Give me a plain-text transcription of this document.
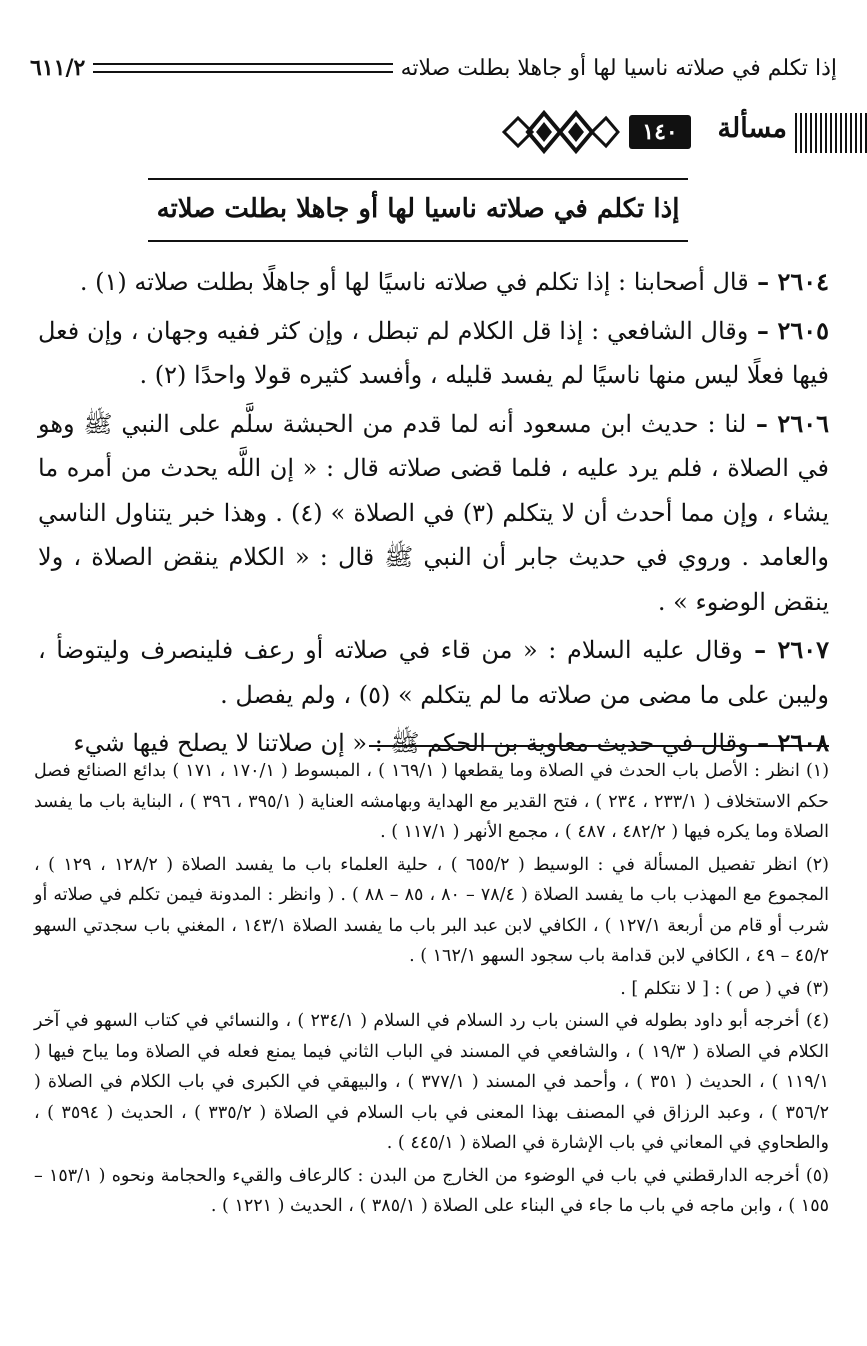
إذا تكلم في صلاته ناسيا لها أو جاهلا بطلت صلاته
٦١١/٢
مسألة
١٤٠
إذا تكلم في صلاته ناسيا لها أو جاهلا بطلت صلاته

٢٦٠٤ – قال أصحابنا : إذا تكلم في صلاته ناسيًا لها أو جاهلًا بطلت صلاته (١) .

٢٦٠٥ – وقال الشافعي : إذا قل الكلام لم تبطل ، وإن كثر ففيه وجهان ، وإن فعل فيها فعلًا ليس منها ناسيًا لم يفسد قليله ، وأفسد كثيره قولا واحدًا (٢) .

٢٦٠٦ – لنا : حديث ابن مسعود أنه لما قدم من الحبشة سلَّم على النبي ﷺ وهو في الصلاة ، فلم يرد عليه ، فلما قضى صلاته قال : « إن اللَّه يحدث من أمره ما يشاء ، وإن مما أحدث أن لا يتكلم (٣) في الصلاة » (٤) . وهذا خبر يتناول الناسي والعامد . وروي في حديث جابر أن النبي ﷺ قال : « الكلام ينقض الصلاة ، ولا ينقض الوضوء » .

٢٦٠٧ – وقال عليه السلام : « من قاء في صلاته أو رعف فلينصرف وليتوضأ ، وليبن على ما مضى من صلاته ما لم يتكلم » (٥) ، ولم يفصل .

٢٦٠٨ – وقال في حديث معاوية بن الحكم ﷺ : « إن صلاتنا لا يصلح فيها شيء

(١) انظر : الأصل باب الحدث في الصلاة وما يقطعها ( ١٦٩/١ ) ، المبسوط ( ١٧٠/١ ، ١٧١ ) بدائع الصنائع فصل حكم الاستخلاف ( ٢٣٣/١ ، ٢٣٤ ) ، فتح القدير مع الهداية وبهامشه العناية ( ٣٩٥/١ ، ٣٩٦ ) ، البناية باب ما يفسد الصلاة وما يكره فيها ( ٤٨٢/٢ ، ٤٨٧ ) ، مجمع الأنهر ( ١١٧/١ ) .

(٢) انظر تفصيل المسألة في : الوسيط ( ٦٥٥/٢ ) ، حلية العلماء باب ما يفسد الصلاة ( ١٢٨/٢ ، ١٢٩ ) ، المجموع مع المهذب باب ما يفسد الصلاة ( ٧٨/٤ – ٨٠ ، ٨٥ – ٨٨ ) . ( وانظر : المدونة فيمن تكلم في صلاته أو شرب أو قام من أربعة ١٢٧/١ ) ، الكافي لابن عبد البر باب ما يفسد الصلاة ١٤٣/١ ، المغني باب سجدتي السهو ٤٥/٢ – ٤٩ ، الكافي لابن قدامة باب سجود السهو ١٦٢/١ ) .

(٣) في ( ص ) : [ لا نتكلم ] .

(٤) أخرجه أبو داود بطوله في السنن باب رد السلام في السلام ( ٢٣٤/١ ) ، والنسائي في كتاب السهو في آخر الكلام في الصلاة ( ١٩/٣ ) ، والشافعي في المسند في الباب الثاني فيما يمنع فعله في الصلاة وما يباح فيها ( ١١٩/١ ) ، الحديث ( ٣٥١ ) ، وأحمد في المسند ( ٣٧٧/١ ) ، والبيهقي في الكبرى في باب الكلام في الصلاة ( ٣٥٦/٢ ) ، وعبد الرزاق في المصنف بهذا المعنى في باب السلام في الصلاة ( ٣٣٥/٢ ) ، الحديث ( ٣٥٩٤ ) ، والطحاوي في المعاني في باب الإشارة في الصلاة ( ٤٤٥/١ ) .

(٥) أخرجه الدارقطني في باب في الوضوء من الخارج من البدن : كالرعاف والقيء والحجامة ونحوه ( ١٥٣/١ – ١٥٥ ) ، وابن ماجه في باب ما جاء في البناء على الصلاة ( ٣٨٥/١ ) ، الحديث ( ١٢٢١ ) .
